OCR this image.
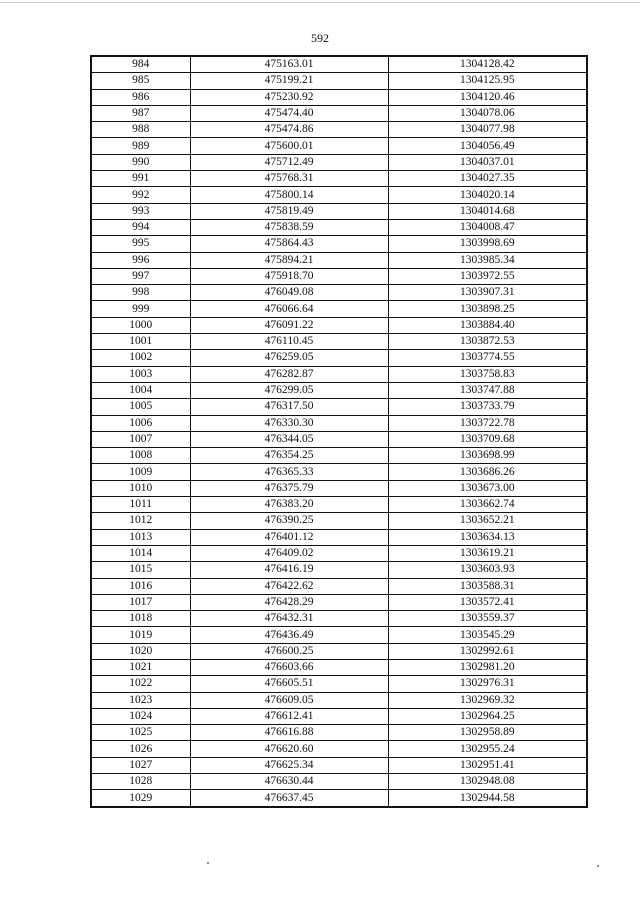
592
984	475163.01	1304128.42
985	475199.21	1304125.95
986	475230.92	1304120.46
987	475474.40	1304078.06
988	475474.86	1304077.98
989	475600.01	1304056.49
990	475712.49	1304037.01
991	475768.31	1304027.35
992	475800.14	1304020.14
993	475819.49	1304014.68
994	475838.59	1304008.47
995	475864.43	1303998.69
996	475894.21	1303985.34
997	475918.70	1303972.55
998	476049.08	1303907.31
999	476066.64	1303898.25
1000	476091.22	1303884.40
1001	476110.45	1303872.53
1002	476259.05	1303774.55
1003	476282.87	1303758.83
1004	476299.05	1303747.88
1005	476317.50	1303733.79
1006	476330.30	1303722.78
1007	476344.05	1303709.68
1008	476354.25	1303698.99
1009	476365.33	1303686.26
1010	476375.79	1303673.00
1011	476383.20	1303662.74
1012	476390.25	1303652.21
1013	476401.12	1303634.13
1014	476409.02	1303619.21
1015	476416.19	1303603.93
1016	476422.62	1303588.31
1017	476428.29	1303572.41
1018	476432.31	1303559.37
1019	476436.49	1303545.29
1020	476600.25	1302992.61
1021	476603.66	1302981.20
1022	476605.51	1302976.31
1023	476609.05	1302969.32
1024	476612.41	1302964.25
1025	476616.88	1302958.89
1026	476620.60	1302955.24
1027	476625.34	1302951.41
1028	476630.44	1302948.08
1029	476637.45	1302944.58
